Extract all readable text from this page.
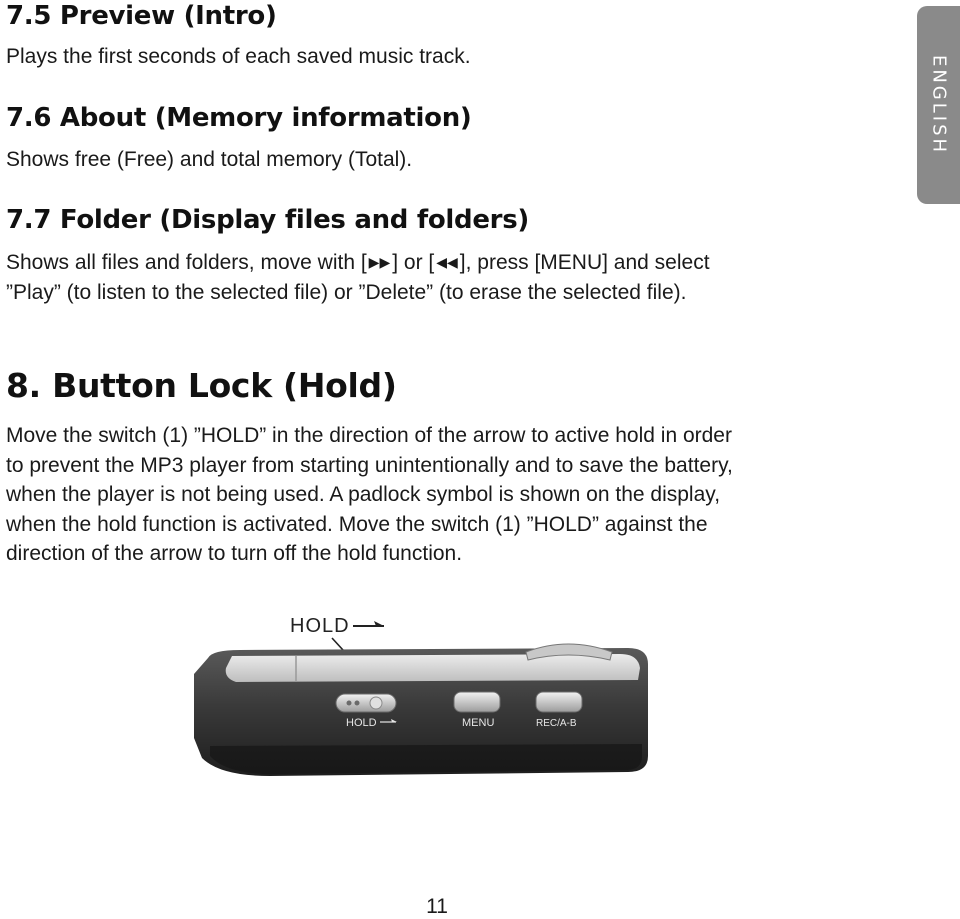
ENGLISH
7.5 Preview (Intro)

Plays the first seconds of each saved music track.

7.6 About (Memory information)

Shows free (Free) and total memory (Total).

7.7 Folder (Display files and folders)
Shows all files and folders, move with [ ▶▶] or [ ◀◀], press [MENU] and select
”Play” (to listen to the selected file) or ”Delete” (to erase the selected file).
8. Button Lock (Hold)
Move the switch (1) ”HOLD” in the direction of the arrow to active hold in order
to prevent the MP3 player from starting unintentionally and to save the battery,
when the player is not being used. A padlock symbol is shown on the display,
when the hold function is activated. Move the switch (1) ”HOLD” against the
direction of the arrow to turn off the hold function.
HOLD
HOLD	MENU	REC/A-B
11
